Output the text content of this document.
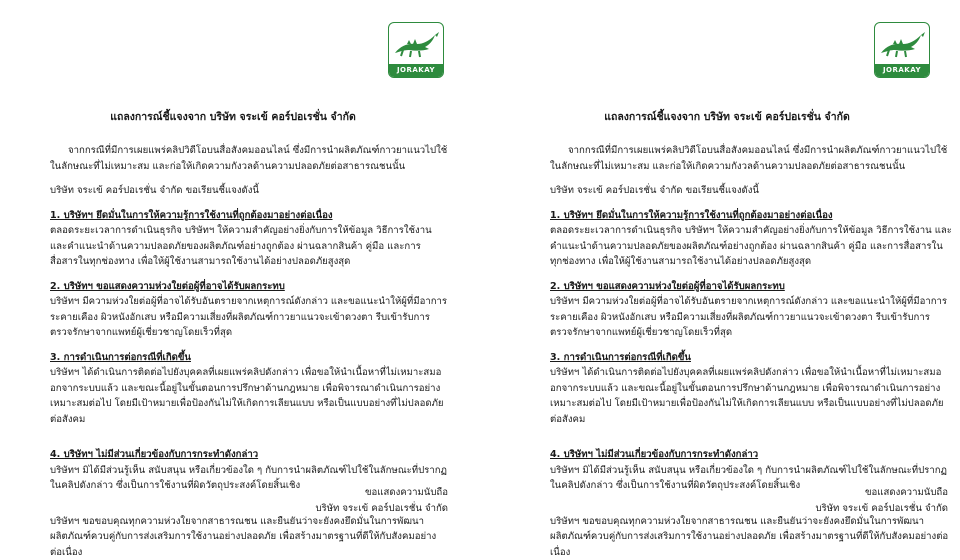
JORAKAY
แถลงการณ์ชี้แจงจาก บริษัท จระเข้ คอร์ปอเรชั่น จำกัด

จากกรณีที่มีการเผยแพร่คลิปวิดีโอบนสื่อสังคมออนไลน์ ซึ่งมีการนำผลิตภัณฑ์กาวยาแนวไปใช้ในลักษณะที่ไม่เหมาะสม และก่อให้เกิดความกังวลด้านความปลอดภัยต่อสาธารณชนนั้น

บริษัท จระเข้ คอร์ปอเรชั่น จำกัด ขอเรียนชี้แจงดังนี้

1. บริษัทฯ ยึดมั่นในการให้ความรู้การใช้งานที่ถูกต้องมาอย่างต่อเนื่อง

ตลอดระยะเวลาการดำเนินธุรกิจ บริษัทฯ ให้ความสำคัญอย่างยิ่งกับการให้ข้อมูล วิธีการใช้งาน และคำแนะนำด้านความปลอดภัยของผลิตภัณฑ์อย่างถูกต้อง ผ่านฉลากสินค้า คู่มือ และการสื่อสารในทุกช่องทาง เพื่อให้ผู้ใช้งานสามารถใช้งานได้อย่างปลอดภัยสูงสุด

2. บริษัทฯ ขอแสดงความห่วงใยต่อผู้ที่อาจได้รับผลกระทบ

บริษัทฯ มีความห่วงใยต่อผู้ที่อาจได้รับอันตรายจากเหตุการณ์ดังกล่าว และขอแนะนำให้ผู้ที่มีอาการระคายเคือง ผิวหนังอักเสบ หรือมีความเสี่ยงที่ผลิตภัณฑ์กาวยาแนวจะเข้าดวงตา รีบเข้ารับการตรวจรักษาจากแพทย์ผู้เชี่ยวชาญโดยเร็วที่สุด

3. การดำเนินการต่อกรณีที่เกิดขึ้น

บริษัทฯ ได้ดำเนินการติดต่อไปยังบุคคลที่เผยแพร่คลิปดังกล่าว เพื่อขอให้นำเนื้อหาที่ไม่เหมาะสมออกจากระบบแล้ว และขณะนี้อยู่ในขั้นตอนการปรึกษาด้านกฎหมาย เพื่อพิจารณาดำเนินการอย่างเหมาะสมต่อไป โดยมีเป้าหมายเพื่อป้องกันไม่ให้เกิดการเลียนแบบ หรือเป็นแบบอย่างที่ไม่ปลอดภัยต่อสังคม

4. บริษัทฯ ไม่มีส่วนเกี่ยวข้องกับการกระทำดังกล่าว

บริษัทฯ มิได้มีส่วนรู้เห็น สนับสนุน หรือเกี่ยวข้องใด ๆ กับการนำผลิตภัณฑ์ไปใช้ในลักษณะที่ปรากฏในคลิปดังกล่าว ซึ่งเป็นการใช้งานที่ผิดวัตถุประสงค์โดยสิ้นเชิง

บริษัทฯ ขอขอบคุณทุกความห่วงใยจากสาธารณชน และยืนยันว่าจะยังคงยึดมั่นในการพัฒนาผลิตภัณฑ์ควบคู่กับการส่งเสริมการใช้งานอย่างปลอดภัย เพื่อสร้างมาตรฐานที่ดีให้กับสังคมอย่างต่อเนื่อง

ขอแสดงความนับถือ

บริษัท จระเข้ คอร์ปอเรชั่น จำกัด

JORAKAY
แถลงการณ์ชี้แจงจาก บริษัท จระเข้ คอร์ปอเรชั่น จำกัด

จากกรณีที่มีการเผยแพร่คลิปวิดีโอบนสื่อสังคมออนไลน์ ซึ่งมีการนำผลิตภัณฑ์กาวยาแนวไปใช้ในลักษณะที่ไม่เหมาะสม และก่อให้เกิดความกังวลด้านความปลอดภัยต่อสาธารณชนนั้น

บริษัท จระเข้ คอร์ปอเรชั่น จำกัด ขอเรียนชี้แจงดังนี้

1. บริษัทฯ ยึดมั่นในการให้ความรู้การใช้งานที่ถูกต้องมาอย่างต่อเนื่อง

ตลอดระยะเวลาการดำเนินธุรกิจ บริษัทฯ ให้ความสำคัญอย่างยิ่งกับการให้ข้อมูล วิธีการใช้งาน และคำแนะนำด้านความปลอดภัยของผลิตภัณฑ์อย่างถูกต้อง ผ่านฉลากสินค้า คู่มือ และการสื่อสารในทุกช่องทาง เพื่อให้ผู้ใช้งานสามารถใช้งานได้อย่างปลอดภัยสูงสุด

2. บริษัทฯ ขอแสดงความห่วงใยต่อผู้ที่อาจได้รับผลกระทบ

บริษัทฯ มีความห่วงใยต่อผู้ที่อาจได้รับอันตรายจากเหตุการณ์ดังกล่าว และขอแนะนำให้ผู้ที่มีอาการระคายเคือง ผิวหนังอักเสบ หรือมีความเสี่ยงที่ผลิตภัณฑ์กาวยาแนวจะเข้าดวงตา รีบเข้ารับการตรวจรักษาจากแพทย์ผู้เชี่ยวชาญโดยเร็วที่สุด

3. การดำเนินการต่อกรณีที่เกิดขึ้น

บริษัทฯ ได้ดำเนินการติดต่อไปยังบุคคลที่เผยแพร่คลิปดังกล่าว เพื่อขอให้นำเนื้อหาที่ไม่เหมาะสมออกจากระบบแล้ว และขณะนี้อยู่ในขั้นตอนการปรึกษาด้านกฎหมาย เพื่อพิจารณาดำเนินการอย่างเหมาะสมต่อไป โดยมีเป้าหมายเพื่อป้องกันไม่ให้เกิดการเลียนแบบ หรือเป็นแบบอย่างที่ไม่ปลอดภัยต่อสังคม

4. บริษัทฯ ไม่มีส่วนเกี่ยวข้องกับการกระทำดังกล่าว

บริษัทฯ มิได้มีส่วนรู้เห็น สนับสนุน หรือเกี่ยวข้องใด ๆ กับการนำผลิตภัณฑ์ไปใช้ในลักษณะที่ปรากฏในคลิปดังกล่าว ซึ่งเป็นการใช้งานที่ผิดวัตถุประสงค์โดยสิ้นเชิง

บริษัทฯ ขอขอบคุณทุกความห่วงใยจากสาธารณชน และยืนยันว่าจะยังคงยึดมั่นในการพัฒนาผลิตภัณฑ์ควบคู่กับการส่งเสริมการใช้งานอย่างปลอดภัย เพื่อสร้างมาตรฐานที่ดีให้กับสังคมอย่างต่อเนื่อง

ขอแสดงความนับถือ

บริษัท จระเข้ คอร์ปอเรชั่น จำกัด
